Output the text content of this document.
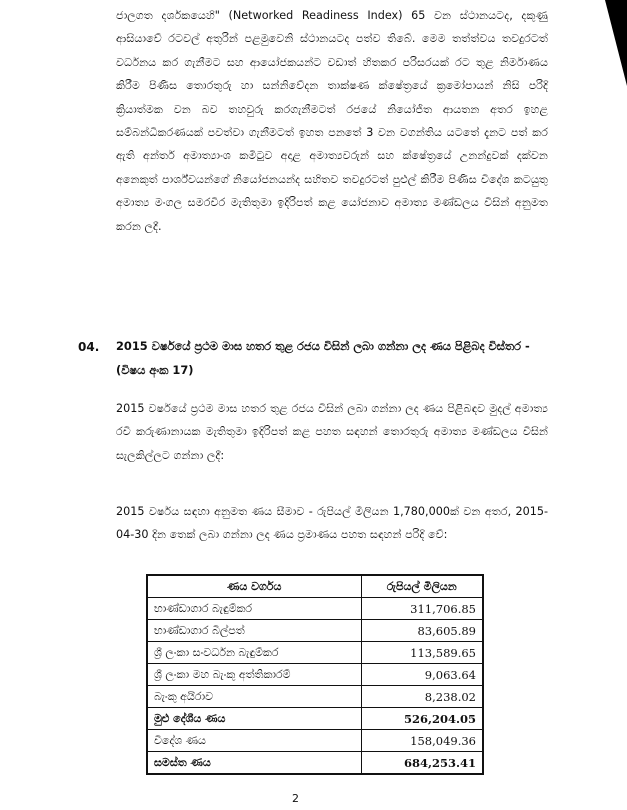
ජාලගත දර්ශකයෙහි" (Networked Readiness Index) 65 වන ස්ථානයටද, දකුණු ආසියාවේ රටවල් අතුරින් පළමුවෙනි ස්ථානයටද පත්ව තිබේ. මෙම තත්ත්වය තවදුරටත් වර්ධනය කර ගැනීමට සහ ආයෝජකයන්ට වඩාත් හිතකර පරිසරයක් රට තුළ නිර්මාණය කිරීම පිණිස තොරතුරු හා සන්නිවේදන තාක්ෂණ ක්ෂේත්‍රයේ ක්‍රමෝපායන් නිසි පරිදි ක්‍රියාත්මක වන බව තහවුරු කරගැනීමටත් රජයේ නියෝජිත ආයතන අතර ඉහළ සම්බන්ධීකරණයක් පවත්වා ගැනීමටත් ඉහත පනතේ 3 වන වගන්තිය යටතේ දැනට පත් කර ඇති අන්තර් අමාත්‍යාංශ කමිටුව අදාළ අමාත්‍යවරුන් සහ ක්ෂේත්‍රයේ උනන්දුවක් දක්වන අනෙකුත් පාර්ශ්වයන්ගේ නියෝජනයන්ද සහිතව තවදුරටත් පුළුල් කිරීම පිණිස විදේශ කටයුතු අමාත්‍ය මංගල සමරවීර මැතිතුමා ඉදිරිපත් කළ යෝජනාව අමාත්‍ය මණ්ඩලය විසින් අනුමත කරන ලදී.

04. 2015 වර්ෂයේ ප්‍රථම මාස හතර තුළ රජය විසින් ලබා ගන්නා ලද ණය පිළිබද විස්තර - (විෂය අංක 17)

2015 වර්ෂයේ ප්‍රථම මාස හතර තුළ රජය විසින් ලබා ගන්නා ලද ණය පිළිබඳව මුදල් අමාත්‍ය රවි කරුණානායක මැතිතුමා ඉදිරිපත් කළ පහත සඳහන් තොරතුරු අමාත්‍ය මණ්ඩලය විසින් සැලකිල්ලට ගන්නා ලදී:

2015 වර්ෂය සඳහා අනුමත ණය සීමාව - රුපියල් මිලියන 1,780,000ක් වන අතර, 2015-04-30 දින තෙක් ලබා ගන්නා ලද ණය ප්‍රමාණය පහත සඳහන් පරිදි වේ:

ණය වර්ගය	රුපියල් මිලියන
භාණ්ඩාගාර බැඳුම්කර	311,706.85
භාණ්ඩාගාර බිල්පත්	83,605.89
ශ්‍රී ලංකා සංවර්ධන බැඳුම්කර	113,589.65
ශ්‍රී ලංකා මහ බැංකු අත්තිකාරම්	9,063.64
බැංකු අයිරාව	8,238.02
මුළු දේශීය ණය	526,204.05
විදේශ ණය	158,049.36
සමස්ත ණය	684,253.41
2
